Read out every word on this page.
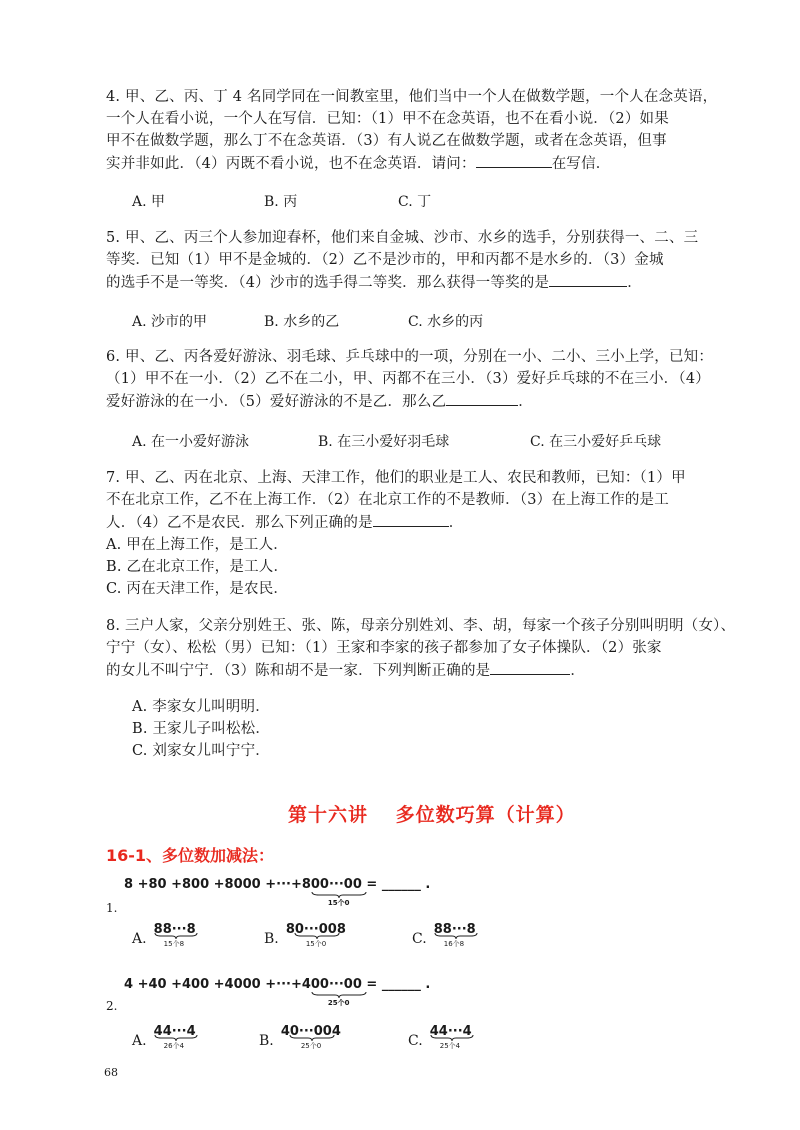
4. 甲、乙、丙、丁 4 名同学同在一间教室里，他们当中一个人在做数学题，一个人在念英语，
一个人在看小说，一个人在写信．已知：（1）甲不在念英语，也不在看小说．（2）如果
甲不在做数学题，那么丁不在念英语．（3）有人说乙在做数学题，或者在念英语，但事
实并非如此．（4）丙既不看小说，也不在念英语．请问：	在写信．
A. 甲	B. 丙	C. 丁
5. 甲、乙、丙三个人参加迎春杯，他们来自金城、沙市、水乡的选手，分别获得一、二、三
等奖．已知（1）甲不是金城的．（2）乙不是沙市的，甲和丙都不是水乡的．（3）金城
的选手不是一等奖．（4）沙市的选手得二等奖．那么获得一等奖的是	．
A. 沙市的甲	B. 水乡的乙	C. 水乡的丙
6. 甲、乙、丙各爱好游泳、羽毛球、乒乓球中的一项，分别在一小、二小、三小上学，已知：
（1）甲不在一小．（2）乙不在二小，甲、丙都不在三小．（3）爱好乒乓球的不在三小．（4）
爱好游泳的在一小．（5）爱好游泳的不是乙．那么乙	．
A. 在一小爱好游泳	B. 在三小爱好羽毛球	C. 在三小爱好乒乓球
7. 甲、乙、丙在北京、上海、天津工作，他们的职业是工人、农民和教师，已知：（1）甲
不在北京工作，乙不在上海工作．（2）在北京工作的不是教师．（3）在上海工作的是工
人．（4）乙不是农民．那么下列正确的是	．
A. 甲在上海工作，是工人．
B. 乙在北京工作，是工人．
C. 丙在天津工作，是农民．
8. 三户人家，父亲分别姓王、张、陈，母亲分别姓刘、李、胡，每家一个孩子分别叫明明（女）、
宁宁（女）、松松（男）已知：（1）王家和李家的孩子都参加了女子体操队．（2）张家
的女儿不叫宁宁．（3）陈和胡不是一家．下列判断正确的是	．
A. 李家女儿叫明明．
B. 王家儿子叫松松．
C. 刘家女儿叫宁宁．
第十六讲　 多位数巧算（计算）
16-1、多位数加减法：
1.
8 +80 +800 +8000 +···+800···00
15个0
= ______ .
A. 88···8
15个8	B. 80···008
15个0	C. 88···8
16个8
2.
4 +40 +400 +4000 +···+400···00
25个0
= ______ .
A. 44···4
26个4	B. 40···004
25个0	C. 44···4
25个4
68
